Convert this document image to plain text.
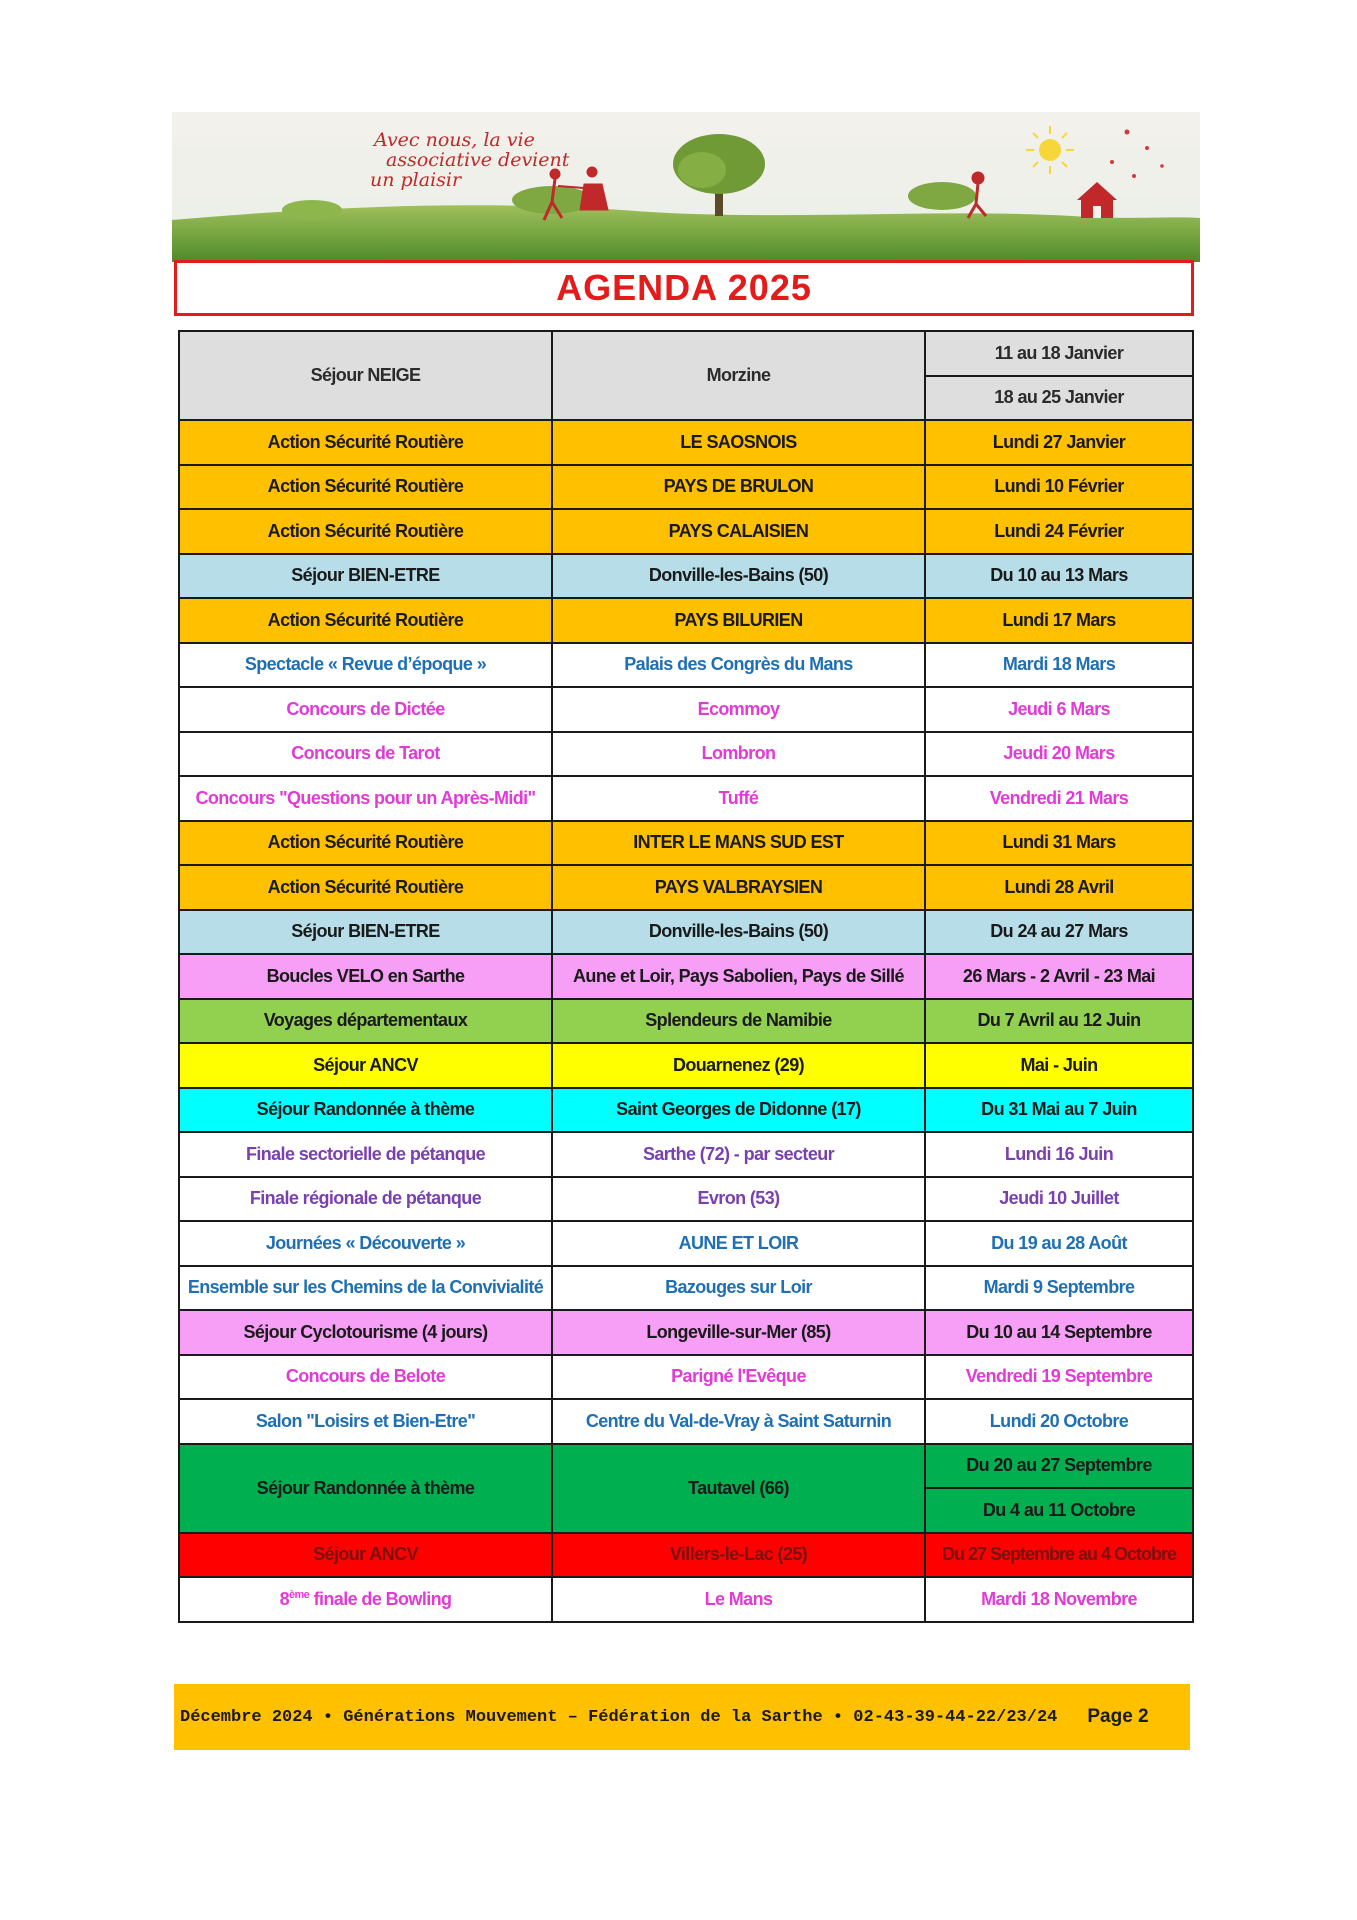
Avec nous, la vie
associative devient
un plaisir
AGENDA 2025
Séjour NEIGE	Morzine	11 au 18 Janvier
		18 au 25 Janvier
Action Sécurité Routière	LE SAOSNOIS	Lundi 27 Janvier
Action Sécurité Routière	PAYS DE BRULON	Lundi 10 Février
Action Sécurité Routière	PAYS CALAISIEN	Lundi 24 Février
Séjour BIEN-ETRE	Donville-les-Bains (50)	Du 10 au 13 Mars
Action Sécurité Routière	PAYS BILURIEN	Lundi 17 Mars
Spectacle « Revue d’époque »	Palais des Congrès du Mans	Mardi 18 Mars
Concours de Dictée	Ecommoy	Jeudi 6 Mars
Concours de Tarot	Lombron	Jeudi 20 Mars
Concours "Questions pour un Après-Midi"	Tuffé	Vendredi 21 Mars
Action Sécurité Routière	INTER LE MANS SUD EST	Lundi 31 Mars
Action Sécurité Routière	PAYS VALBRAYSIEN	Lundi 28 Avril
Séjour BIEN-ETRE	Donville-les-Bains (50)	Du 24 au 27 Mars
Boucles VELO en Sarthe	Aune et Loir, Pays Sabolien, Pays de Sillé	26 Mars - 2 Avril - 23 Mai
Voyages départementaux	Splendeurs de Namibie	Du 7 Avril au 12 Juin
Séjour ANCV	Douarnenez (29)	Mai - Juin
Séjour Randonnée à thème	Saint Georges de Didonne (17)	Du 31 Mai au 7 Juin
Finale sectorielle de pétanque	Sarthe (72) - par secteur	Lundi 16 Juin
Finale régionale de pétanque	Evron (53)	Jeudi 10 Juillet
Journées « Découverte »	AUNE ET LOIR	Du 19 au 28 Août
Ensemble sur les Chemins de la Convivialité	Bazouges sur Loir	Mardi 9 Septembre
Séjour Cyclotourisme (4 jours)	Longeville-sur-Mer (85)	Du 10 au 14 Septembre
Concours de Belote	Parigné l'Evêque	Vendredi 19 Septembre
Salon "Loisirs et Bien-Etre"	Centre du Val-de-Vray à Saint Saturnin	Lundi 20 Octobre
Séjour Randonnée à thème	Tautavel (66)	Du 20 au 27 Septembre
		Du 4 au 11 Octobre
Séjour ANCV	Villers-le-Lac (25)	Du 27 Septembre au 4 Octobre
8ème finale de Bowling	Le Mans	Mardi 18 Novembre
Décembre 2024 • Générations Mouvement – Fédération de la Sarthe • 02-43-39-44-22/23/24 Page 2
